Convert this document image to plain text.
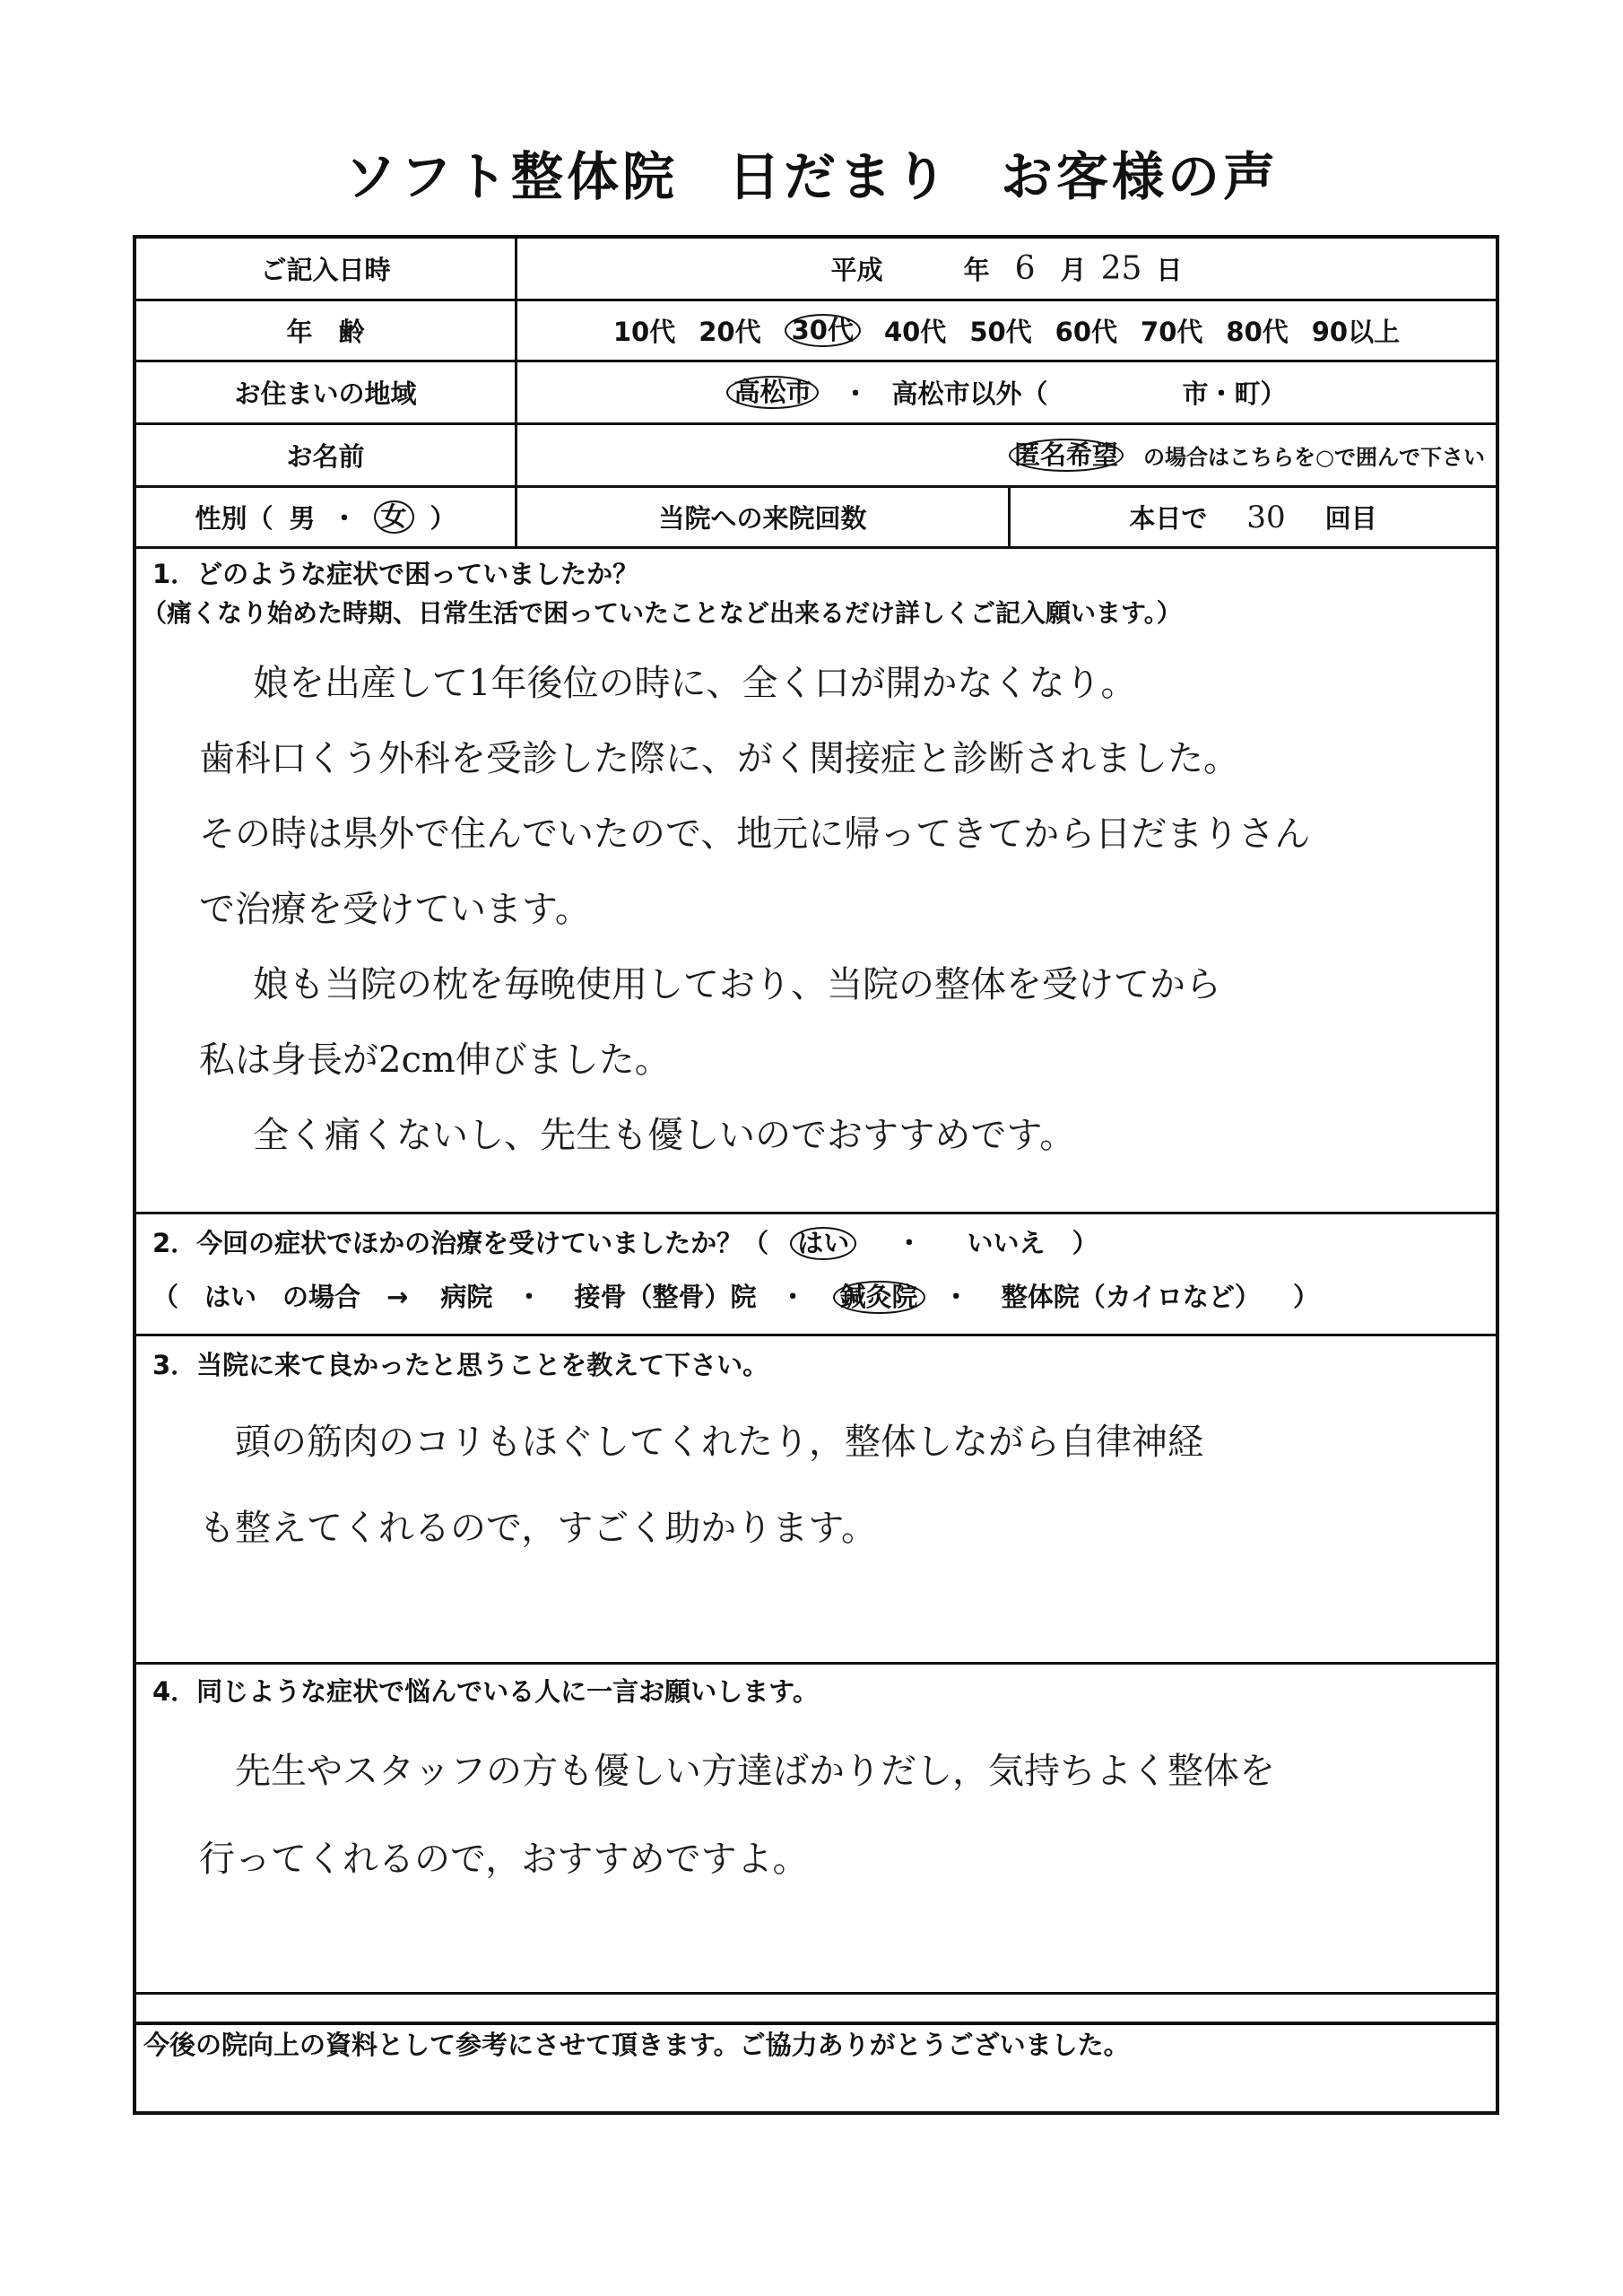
ソフト整体院 日だまり お客様の声
ご記入日時	平成	年 6 月 25 日
年　齢	10代 20代 30代 40代 50代 60代 70代 80代 90以上
お住まいの地域	高松市 ・ 高松市以外（	市・町）
お名前	匿名希望 の場合はこちらを○で囲んで下さい
性別（ 男 ・ 女 ）	当院への来院回数	本日で 30 回目
1．どのような症状で困っていましたか？
（痛くなり始めた時期、日常生活で困っていたことなど出来るだけ詳しくご記入願います。）
娘を出産して1年後位の時に、全く口が開かなくなり。
歯科口くう外科を受診した際に、がく関接症と診断されました。
その時は県外で住んでいたので、地元に帰ってきてから日だまりさん
で治療を受けています。
娘も当院の枕を毎晩使用しており、当院の整体を受けてから
私は身長が2cm伸びました。
全く痛くないし、先生も優しいのでおすすめです。
2．今回の症状でほかの治療を受けていましたか？（ はい ・ いいえ ）
（　はい　の場合　→ 病院 ・ 接骨（整骨）院 ・ 鍼灸院 ・ 整体院（カイロなど） ）
3．当院に来て良かったと思うことを教えて下さい。
頭の筋肉のコリもほぐしてくれたり，整体しながら自律神経
も整えてくれるので，すごく助かります。
4．同じような症状で悩んでいる人に一言お願いします。
先生やスタッフの方も優しい方達ばかりだし，気持ちよく整体を
行ってくれるので，おすすめですよ。
今後の院向上の資料として参考にさせて頂きます。ご協力ありがとうございました。
